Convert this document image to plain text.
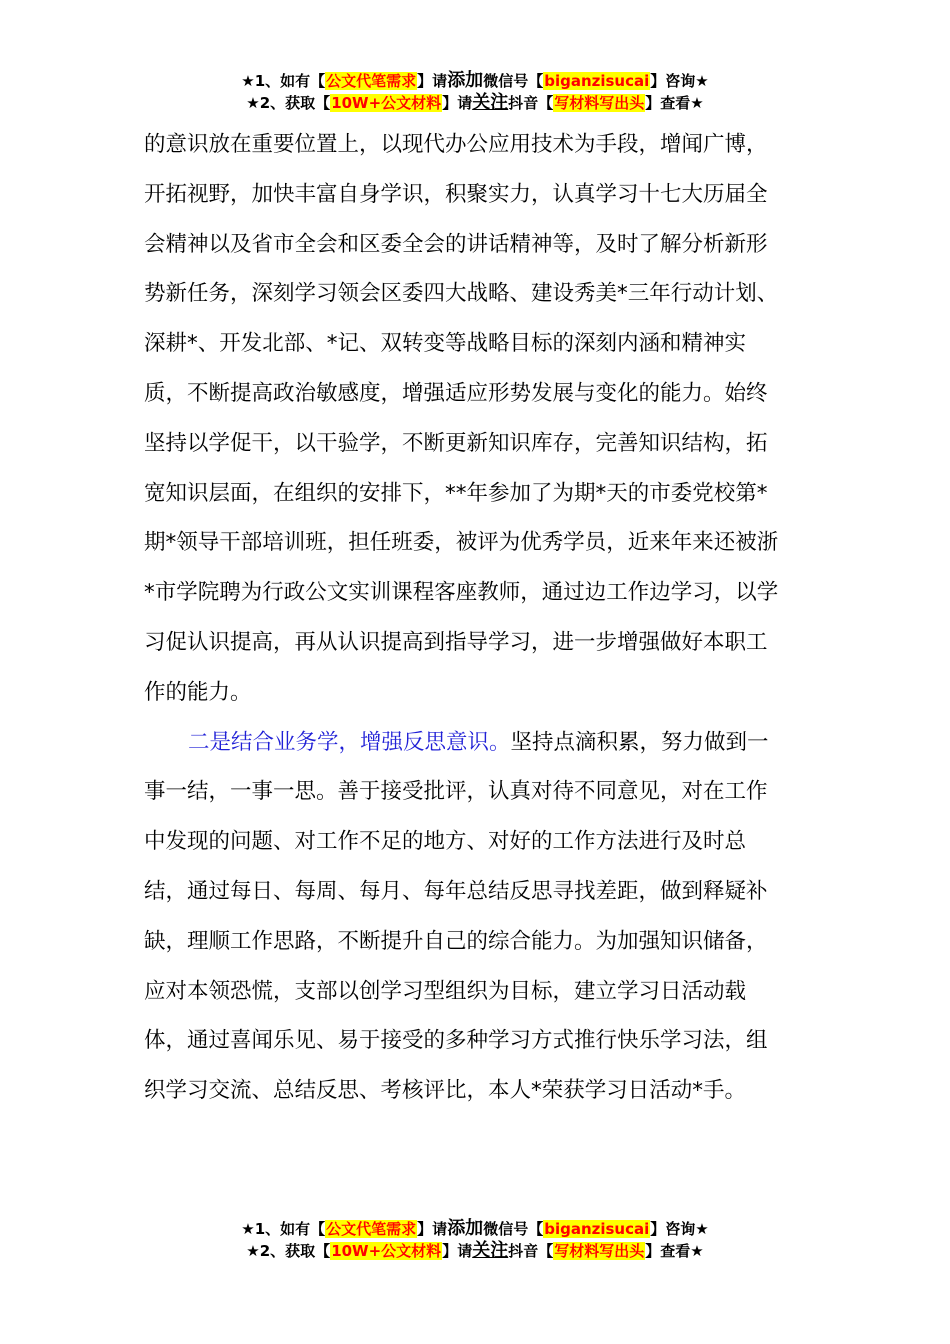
★1、如有【公文代笔需求】请添加微信号【biganzisucai】咨询★
★2、获取【10W+公文材料】请关注抖音【写材料写出头】查看★
的意识放在重要位置上，以现代办公应用技术为手段，增闻广博，
开拓视野，加快丰富自身学识，积聚实力，认真学习十七大历届全
会精神以及省市全会和区委全会的讲话精神等，及时了解分析新形
势新任务，深刻学习领会区委四大战略、建设秀美*三年行动计划、
深耕*、开发北部、*记、双转变等战略目标的深刻内涵和精神实
质，不断提高政治敏感度，增强适应形势发展与变化的能力。始终
坚持以学促干，以干验学，不断更新知识库存，完善知识结构，拓
宽知识层面，在组织的安排下，**年参加了为期*天的市委党校第*
期*领导干部培训班，担任班委，被评为优秀学员，近来年来还被浙
*市学院聘为行政公文实训课程客座教师，通过边工作边学习，以学
习促认识提高，再从认识提高到指导学习，进一步增强做好本职工
作的能力。
二是结合业务学，增强反思意识。坚持点滴积累，努力做到一
事一结，一事一思。善于接受批评，认真对待不同意见，对在工作
中发现的问题、对工作不足的地方、对好的工作方法进行及时总
结，通过每日、每周、每月、每年总结反思寻找差距，做到释疑补
缺，理顺工作思路，不断提升自己的综合能力。为加强知识储备，
应对本领恐慌，支部以创学习型组织为目标，建立学习日活动载
体，通过喜闻乐见、易于接受的多种学习方式推行快乐学习法，组
织学习交流、总结反思、考核评比，本人*荣获学习日活动*手。
★1、如有【公文代笔需求】请添加微信号【biganzisucai】咨询★
★2、获取【10W+公文材料】请关注抖音【写材料写出头】查看★
